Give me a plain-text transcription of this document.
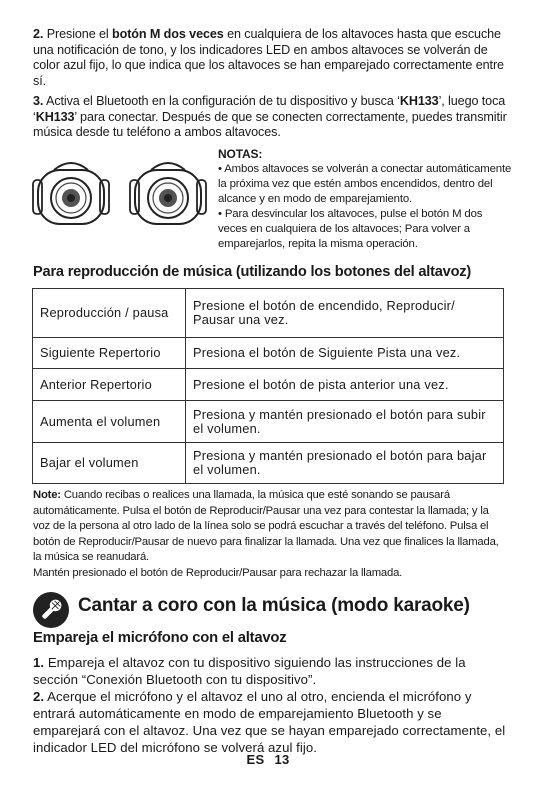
2. Presione el botón M dos veces en cualquiera de los altavoces hasta que escuche una notificación de tono, y los indicadores LED en ambos altavoces se volverán de color azul fijo, lo que indica que los altavoces se han emparejado correctamente entre sí.

3. Activa el Bluetooth en la configuración de tu dispositivo y busca ‘KH133’, luego toca ‘KH133’ para conectar. Después de que se conecten correctamente, puedes transmitir música desde tu teléfono a ambos altavoces.

NOTAS:
• Ambos altavoces se volverán a conectar automáticamente la próxima vez que estén ambos encendidos, dentro del alcance y en modo de emparejamiento.
• Para desvincular los altavoces, pulse el botón M dos veces en cualquiera de los altavoces; Para volver a emparejarlos, repita la misma operación.
Para reproducción de música (utilizando los botones del altavoz)
Reproducción / pausa	Presione el botón de encendido, Reproducir/ Pausar una vez.
Siguiente Repertorio	Presiona el botón de Siguiente Pista una vez.
Anterior Repertorio	Presione el botón de pista anterior una vez.
Aumenta el volumen	Presiona y mantén presionado el botón para subir el volumen.
Bajar el volumen	Presiona y mantén presionado el botón para bajar el volumen.

Note: Cuando recibas o realices una llamada, la música que esté sonando se pausará automáticamente. Pulsa el botón de Reproducir/Pausar una vez para contestar la llamada; y la voz de la persona al otro lado de la línea solo se podrá escuchar a través del teléfono. Pulsa el botón de Reproducir/Pausar de nuevo para finalizar la llamada. Una vez que finalices la llamada, la música se reanudará.

Mantén presionado el botón de Reproducir/Pausar para rechazar la llamada.

Cantar a coro con la música (modo karaoke)
Empareja el micrófono con el altavoz

1. Empareja el altavoz con tu dispositivo siguiendo las instrucciones de la sección “Conexión Bluetooth con tu dispositivo”.

2. Acerque el micrófono y el altavoz el uno al otro, encienda el micrófono y entrará automáticamente en modo de emparejamiento Bluetooth y se emparejará con el altavoz. Una vez que se hayan emparejado correctamente, el indicador LED del micrófono se volverá azul fijo.

ES 13
